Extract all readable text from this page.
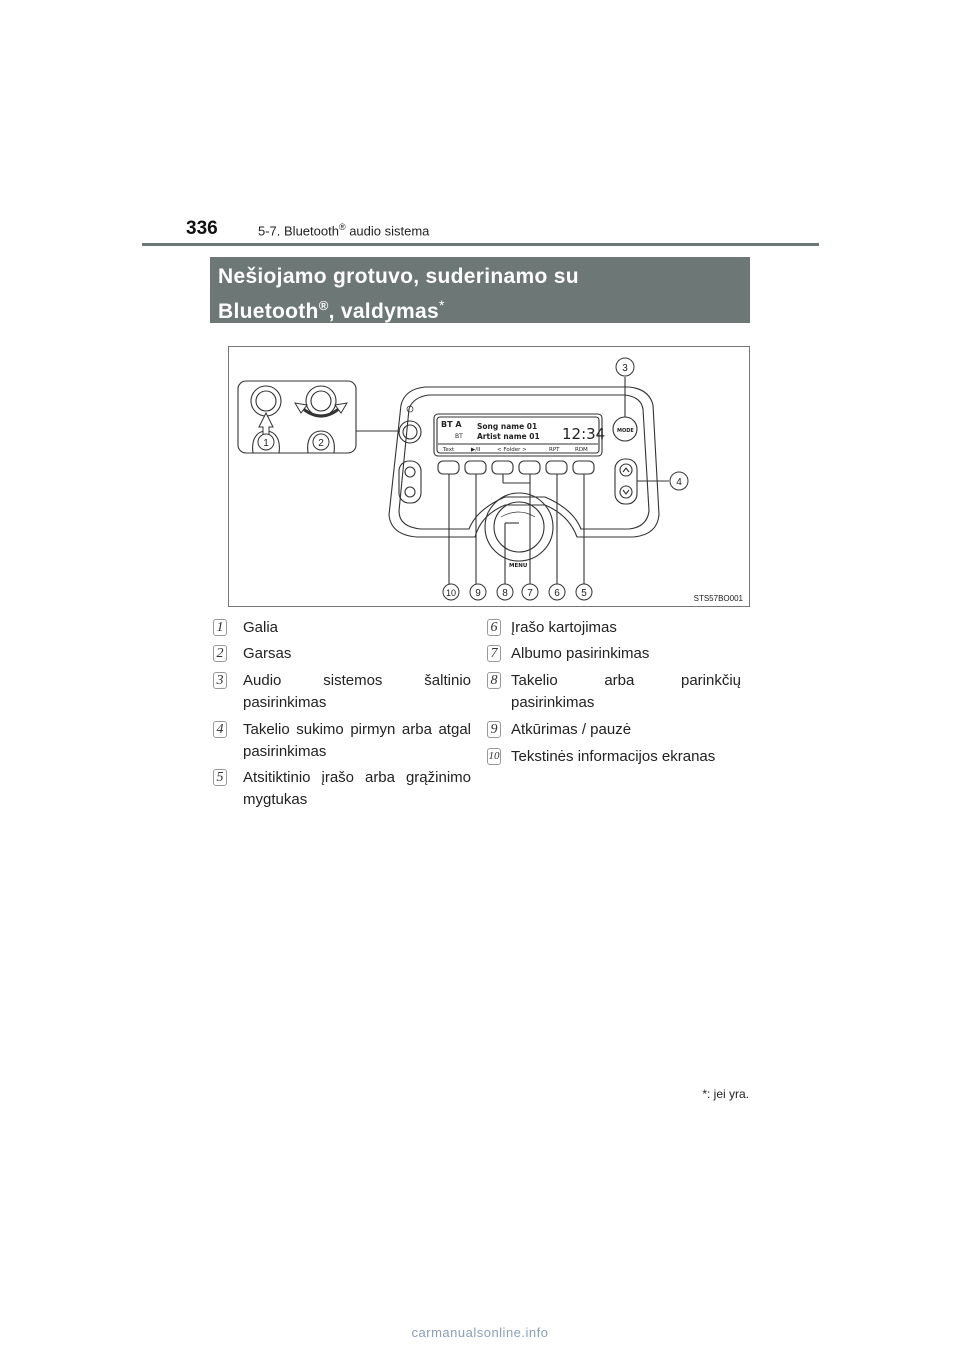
336	5-7. Bluetooth® audio sistema
Nešiojamo grotuvo, suderinamo su
Bluetooth®, valdymas*
BT A
BT
Song name 01
Artist name 01 12:34
Text	▶/II	< Folder >	RPT	RDM
MODE
MENU
1	2
3
4
5
6
7
8
9
10
STS57BO001
1 Galia
2 Garsas
3 Audio sistemos šaltinio pasirinkimas
4 Takelio sukimo pirmyn arba atgal pasirinkimas
5 Atsitiktinio įrašo arba grąžinimo mygtukas
6 Įrašo kartojimas
7 Albumo pasirinkimas
8 Takelio arba parinkčių pasirinkimas
9 Atkūrimas / pauzė
10 Tekstinės informacijos ekranas
*: jei yra.
carmanualsonline.info
